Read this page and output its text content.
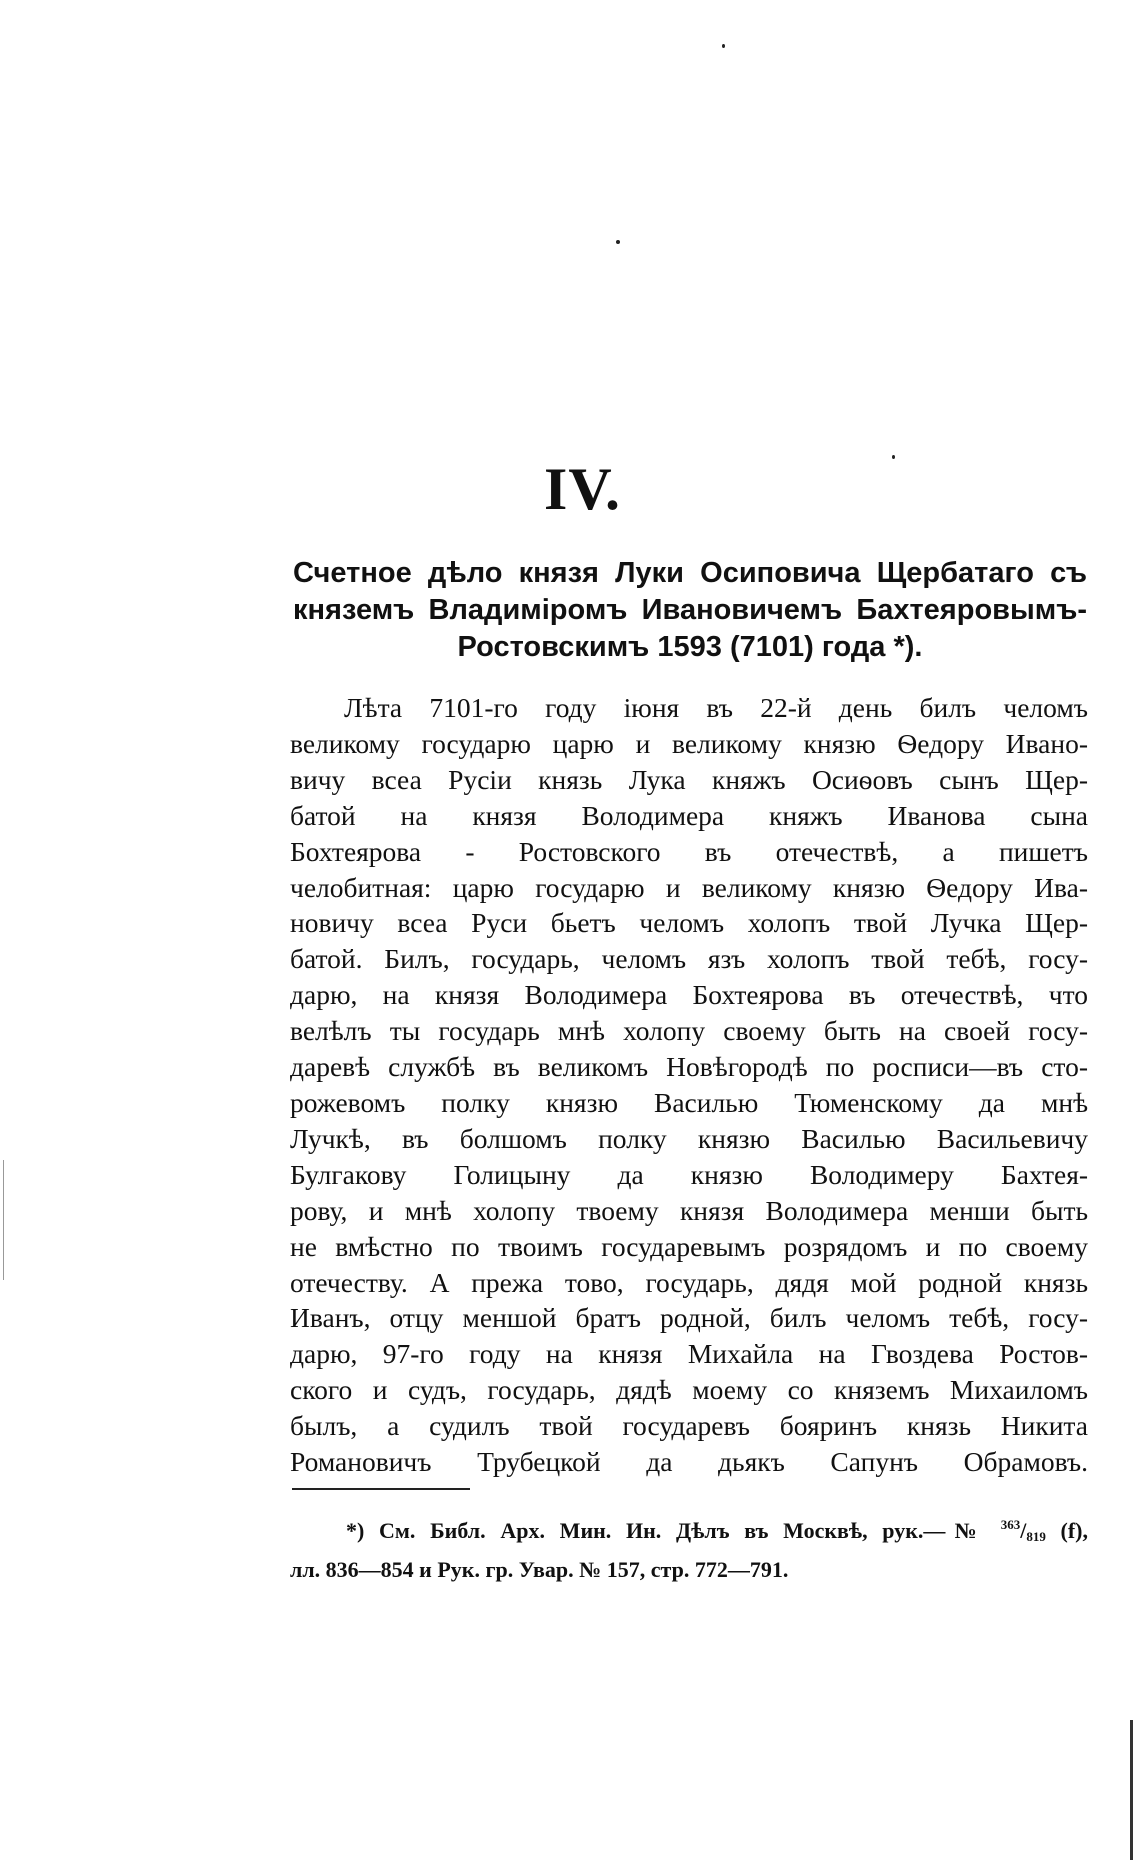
IV.
Счетное дѣло князя Луки Осиповича Щербатаго съ
княземъ Владиміромъ Ивановичемъ Бахтеяровымъ-
Ростовскимъ 1593 (7101) года *).
Лѣта 7101-го году іюня въ 22-й день билъ челомъ
великому государю царю и великому князю Ѳедору Ивано-
вичу всеа Русіи князь Лука княжъ Осиѳовъ сынъ Щер-
батой на князя Володимера княжъ Иванова сына
Бохтеярова - Ростовского въ отечествѣ, а пишетъ
челобитная: царю государю и великому князю Ѳедору Ива-
новичу всеа Руси бьетъ челомъ холопъ твой Лучка Щер-
батой. Билъ, государь, челомъ язъ холопъ твой тебѣ, госу-
дарю, на князя Володимера Бохтеярова въ отечествѣ, что
велѣлъ ты государь мнѣ холопу своему быть на своей госу-
даревѣ службѣ въ великомъ Новѣгородѣ по росписи—въ сто-
рожевомъ полку князю Василью Тюменскому да мнѣ
Лучкѣ, въ болшомъ полку князю Василью Васильевичу
Булгакову Голицыну да князю Володимеру Бахтея-
рову, и мнѣ холопу твоему князя Володимера менши быть
не вмѣстно по твоимъ государевымъ розрядомъ и по своему
отечеству. А прежа тово, государь, дядя мой родной князь
Иванъ, отцу меншой братъ родной, билъ челомъ тебѣ, госу-
дарю, 97-го году на князя Михайла на Гвоздева Ростов-
ского и судъ, государь, дядѣ моему со княземъ Михаиломъ
былъ, а судилъ твой государевъ бояринъ князь Никита
Романовичъ Трубецкой да дьякъ Сапунъ Обрамовъ.
*) См. Библ. Арх. Мин. Ин. Дѣлъ въ Москвѣ, рук.—№ $^{363}/_{819}$ (f),
лл. 836—854 и Рук. гр. Увар. № 157, стр. 772—791.
